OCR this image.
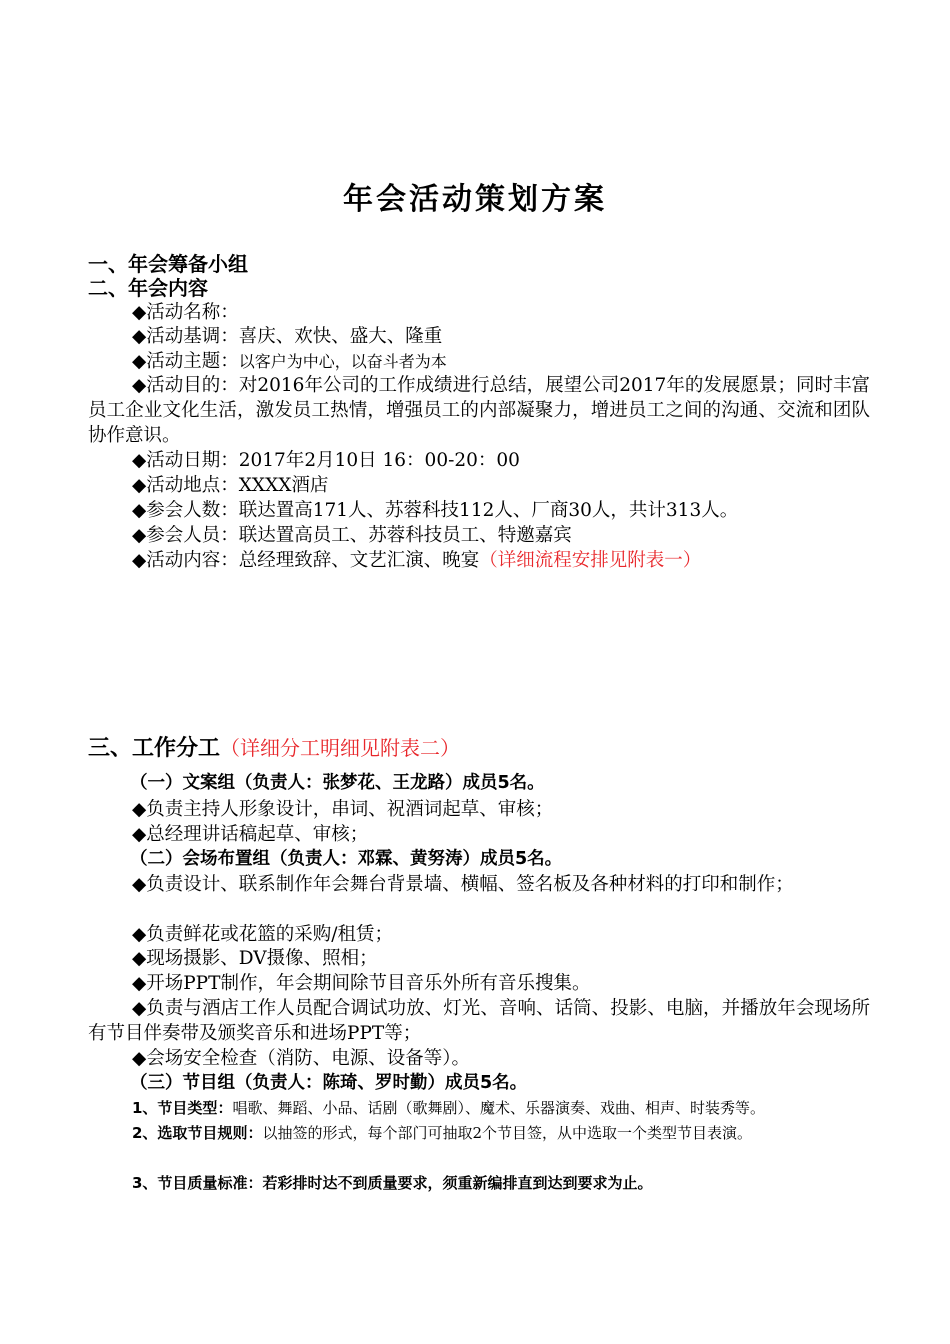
年会活动策划方案
一、年会筹备小组
二、年会内容
◆活动名称：
◆活动基调：喜庆、欢快、盛大、隆重
◆活动主题：以客户为中心，以奋斗者为本
◆活动目的：对2016年公司的工作成绩进行总结，展望公司2017年的发展愿景；同时丰富员工企业文化生活，激发员工热情，增强员工的内部凝聚力，增进员工之间的沟通、交流和团队协作意识。
◆活动日期：2017年2月10日 16：00-20：00
◆活动地点：XXXX酒店
◆参会人数：联达置高171人、苏蓉科技112人、厂商30人，共计313人。
◆参会人员：联达置高员工、苏蓉科技员工、特邀嘉宾
◆活动内容：总经理致辞、文艺汇演、晚宴（详细流程安排见附表一）
三、工作分工（详细分工明细见附表二）
（一）文案组（负责人：张梦花、王龙路）成员5名。
◆负责主持人形象设计，串词、祝酒词起草、审核；
◆总经理讲话稿起草、审核；
（二）会场布置组（负责人：邓霖、黄努涛）成员5名。
◆负责设计、联系制作年会舞台背景墙、横幅、签名板及各种材料的打印和制作；
◆负责鲜花或花篮的采购/租赁；
◆现场摄影、DV摄像、照相；
◆开场PPT制作，年会期间除节目音乐外所有音乐搜集。
◆负责与酒店工作人员配合调试功放、灯光、音响、话筒、投影、电脑，并播放年会现场所有节目伴奏带及颁奖音乐和进场PPT等；
◆会场安全检查（消防、电源、设备等）。
（三）节目组（负责人：陈琦、罗时勤）成员5名。
1、节目类型：唱歌、舞蹈、小品、话剧（歌舞剧）、魔术、乐器演奏、戏曲、相声、时装秀等。
2、选取节目规则：以抽签的形式，每个部门可抽取2个节目签，从中选取一个类型节目表演。
3、节目质量标准：若彩排时达不到质量要求，须重新编排直到达到要求为止。
